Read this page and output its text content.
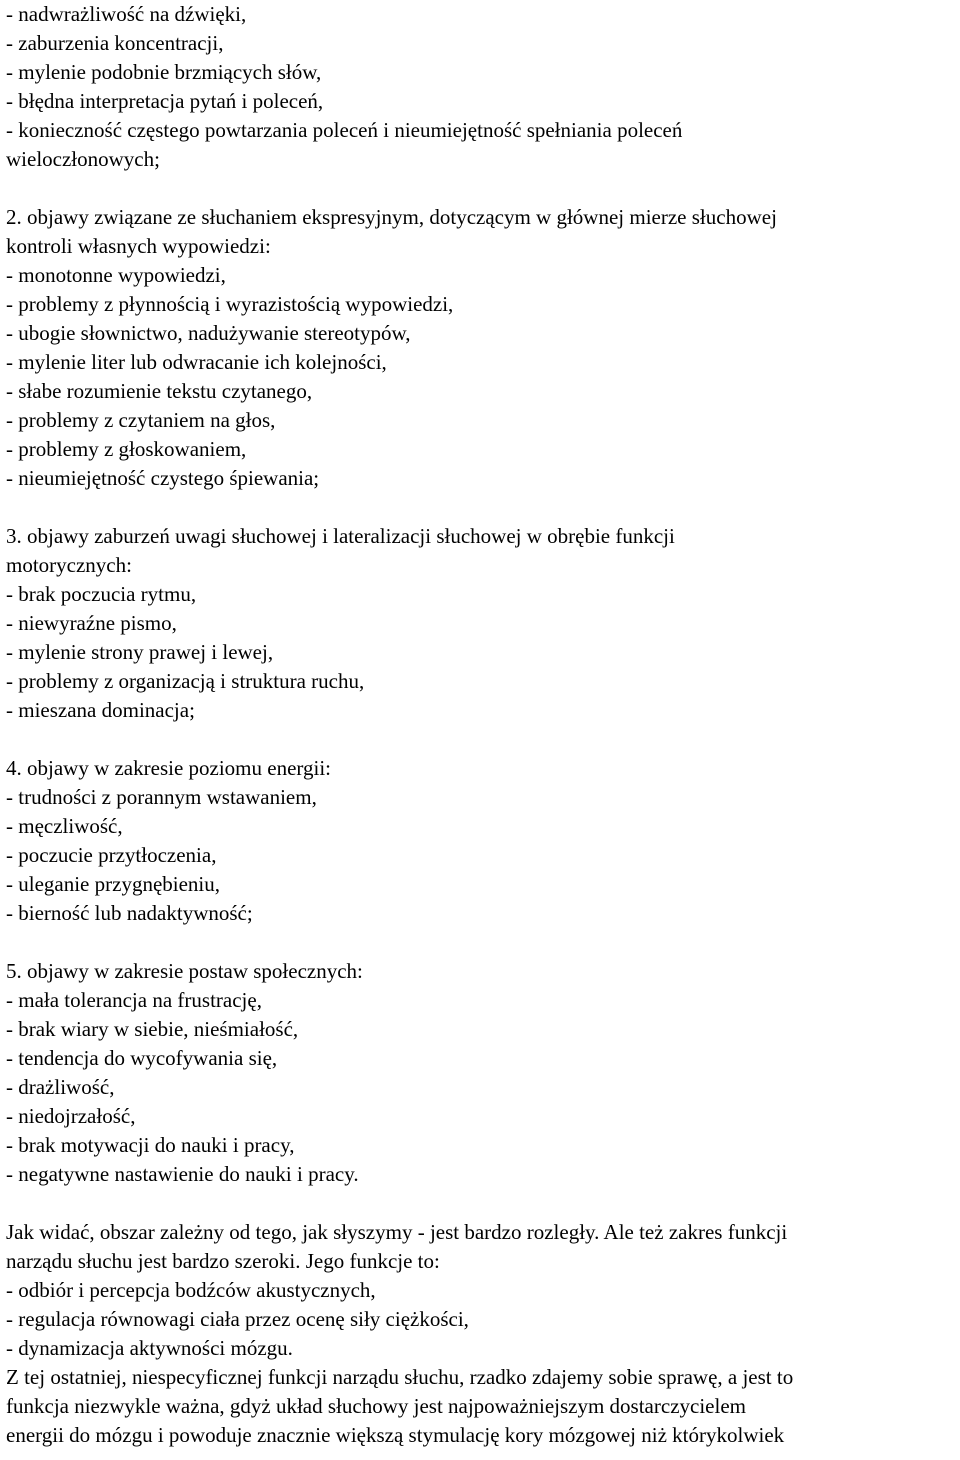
- nadwrażliwość na dźwięki,
- zaburzenia koncentracji,
- mylenie podobnie brzmiących słów,
- błędna interpretacja pytań i poleceń,
- konieczność częstego powtarzania poleceń i nieumiejętność spełniania poleceń
wieloczłonowych;
2. objawy związane ze słuchaniem ekspresyjnym, dotyczącym w głównej mierze słuchowej
kontroli własnych wypowiedzi:
- monotonne wypowiedzi,
- problemy z płynnością i wyrazistością wypowiedzi,
- ubogie słownictwo, nadużywanie stereotypów,
- mylenie liter lub odwracanie ich kolejności,
- słabe rozumienie tekstu czytanego,
- problemy z czytaniem na głos,
- problemy z głoskowaniem,
- nieumiejętność czystego śpiewania;
3. objawy zaburzeń uwagi słuchowej i lateralizacji słuchowej w obrębie funkcji
motorycznych:
- brak poczucia rytmu,
- niewyraźne pismo,
- mylenie strony prawej i lewej,
- problemy z organizacją i struktura ruchu,
- mieszana dominacja;
4. objawy w zakresie poziomu energii:
- trudności z porannym wstawaniem,
- męczliwość,
- poczucie przytłoczenia,
- uleganie przygnębieniu,
- bierność lub nadaktywność;
5. objawy w zakresie postaw społecznych:
- mała tolerancja na frustrację,
- brak wiary w siebie, nieśmiałość,
- tendencja do wycofywania się,
- drażliwość,
- niedojrzałość,
- brak motywacji do nauki i pracy,
- negatywne nastawienie do nauki i pracy.
Jak widać, obszar zależny od tego, jak słyszymy - jest bardzo rozległy. Ale też zakres funkcji
narządu słuchu jest bardzo szeroki. Jego funkcje to:
- odbiór i percepcja bodźców akustycznych,
- regulacja równowagi ciała przez ocenę siły ciężkości,
- dynamizacja aktywności mózgu.
Z tej ostatniej, niespecyficznej funkcji narządu słuchu, rzadko zdajemy sobie sprawę, a jest to
funkcja niezwykle ważna, gdyż układ słuchowy jest najpoważniejszym dostarczycielem
energii do mózgu i powoduje znacznie większą stymulację kory mózgowej niż którykolwiek
